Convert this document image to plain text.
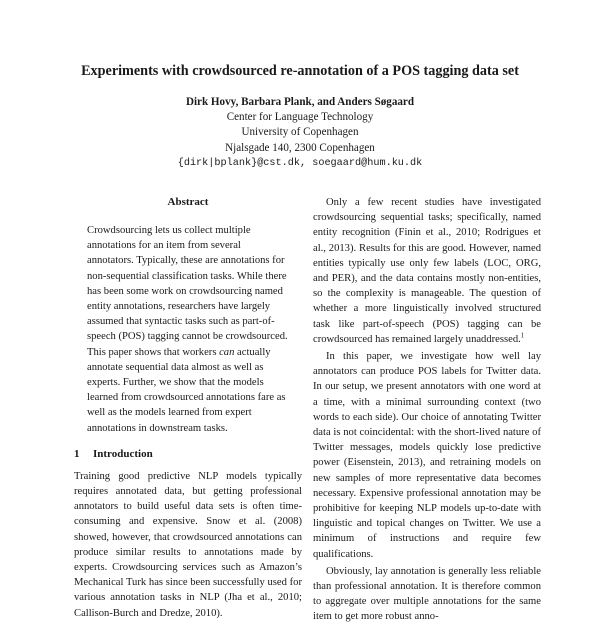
Experiments with crowdsourced re-annotation of a POS tagging data set
Dirk Hovy, Barbara Plank, and Anders Søgaard
Center for Language Technology
University of Copenhagen
Njalsgade 140, 2300 Copenhagen
{dirk|bplank}@cst.dk, soegaard@hum.ku.dk
Abstract

Crowdsourcing lets us collect multiple annotations for an item from several annotators. Typically, these are annotations for non-sequential classification tasks. While there has been some work on crowdsourcing named entity annotations, researchers have largely assumed that syntactic tasks such as part-of-speech (POS) tagging cannot be crowdsourced. This paper shows that workers can actually annotate sequential data almost as well as experts. Further, we show that the models learned from crowdsourced annotations fare as well as the models learned from expert annotations in downstream tasks.

1 Introduction

Training good predictive NLP models typically requires annotated data, but getting professional annotators to build useful data sets is often time-consuming and expensive. Snow et al. (2008) showed, however, that crowdsourced annotations can produce similar results to annotations made by experts. Crowdsourcing services such as Amazon’s Mechanical Turk has since been successfully used for various annotation tasks in NLP (Jha et al., 2010; Callison-Burch and Dredze, 2010).

Only a few recent studies have investigated crowdsourcing sequential tasks; specifically, named entity recognition (Finin et al., 2010; Rodrigues et al., 2013). Results for this are good. However, named entities typically use only few labels (LOC, ORG, and PER), and the data contains mostly non-entities, so the complexity is manageable. The question of whether a more linguistically involved structured task like part-of-speech (POS) tagging can be crowdsourced has remained largely unaddressed.$^1$

In this paper, we investigate how well lay annotators can produce POS labels for Twitter data. In our setup, we present annotators with one word at a time, with a minimal surrounding context (two words to each side). Our choice of annotating Twitter data is not coincidental: with the short-lived nature of Twitter messages, models quickly lose predictive power (Eisenstein, 2013), and retraining models on new samples of more representative data becomes necessary. Expensive professional annotation may be prohibitive for keeping NLP models up-to-date with linguistic and topical changes on Twitter. We use a minimum of instructions and require few qualifications.

Obviously, lay annotation is generally less reliable than professional annotation. It is therefore common to aggregate over multiple annotations for the same item to get more robust anno-
